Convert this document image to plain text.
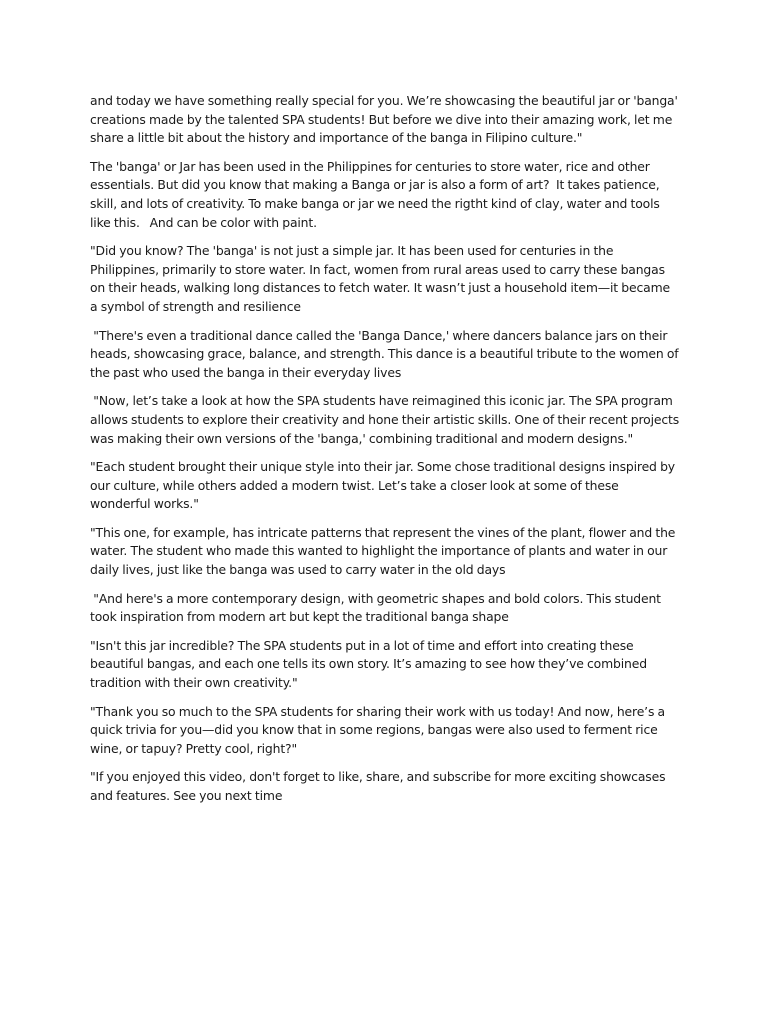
and today we have something really special for you. We’re showcasing the beautiful jar or 'banga' creations made by the talented SPA students! But before we dive into their amazing work, let me share a little bit about the history and importance of the banga in Filipino culture."

The 'banga' or Jar has been used in the Philippines for centuries to store water, rice and other essentials. But did you know that making a Banga or jar is also a form of art?  It takes patience, skill, and lots of creativity. To make banga or jar we need the rigtht kind of clay, water and tools like this.   And can be color with paint.

"Did you know? The 'banga' is not just a simple jar. It has been used for centuries in the Philippines, primarily to store water. In fact, women from rural areas used to carry these bangas on their heads, walking long distances to fetch water. It wasn’t just a household item—it became a symbol of strength and resilience

"There's even a traditional dance called the 'Banga Dance,' where dancers balance jars on their heads, showcasing grace, balance, and strength. This dance is a beautiful tribute to the women of the past who used the banga in their everyday lives

"Now, let’s take a look at how the SPA students have reimagined this iconic jar. The SPA program allows students to explore their creativity and hone their artistic skills. One of their recent projects was making their own versions of the 'banga,' combining traditional and modern designs."

"Each student brought their unique style into their jar. Some chose traditional designs inspired by our culture, while others added a modern twist. Let’s take a closer look at some of these wonderful works."

"This one, for example, has intricate patterns that represent the vines of the plant, flower and the water. The student who made this wanted to highlight the importance of plants and water in our daily lives, just like the banga was used to carry water in the old days

"And here's a more contemporary design, with geometric shapes and bold colors. This student took inspiration from modern art but kept the traditional banga shape

"Isn't this jar incredible? The SPA students put in a lot of time and effort into creating these beautiful bangas, and each one tells its own story. It’s amazing to see how they’ve combined tradition with their own creativity."

"Thank you so much to the SPA students for sharing their work with us today! And now, here’s a quick trivia for you—did you know that in some regions, bangas were also used to ferment rice wine, or tapuy? Pretty cool, right?"

"If you enjoyed this video, don't forget to like, share, and subscribe for more exciting showcases and features. See you next time
